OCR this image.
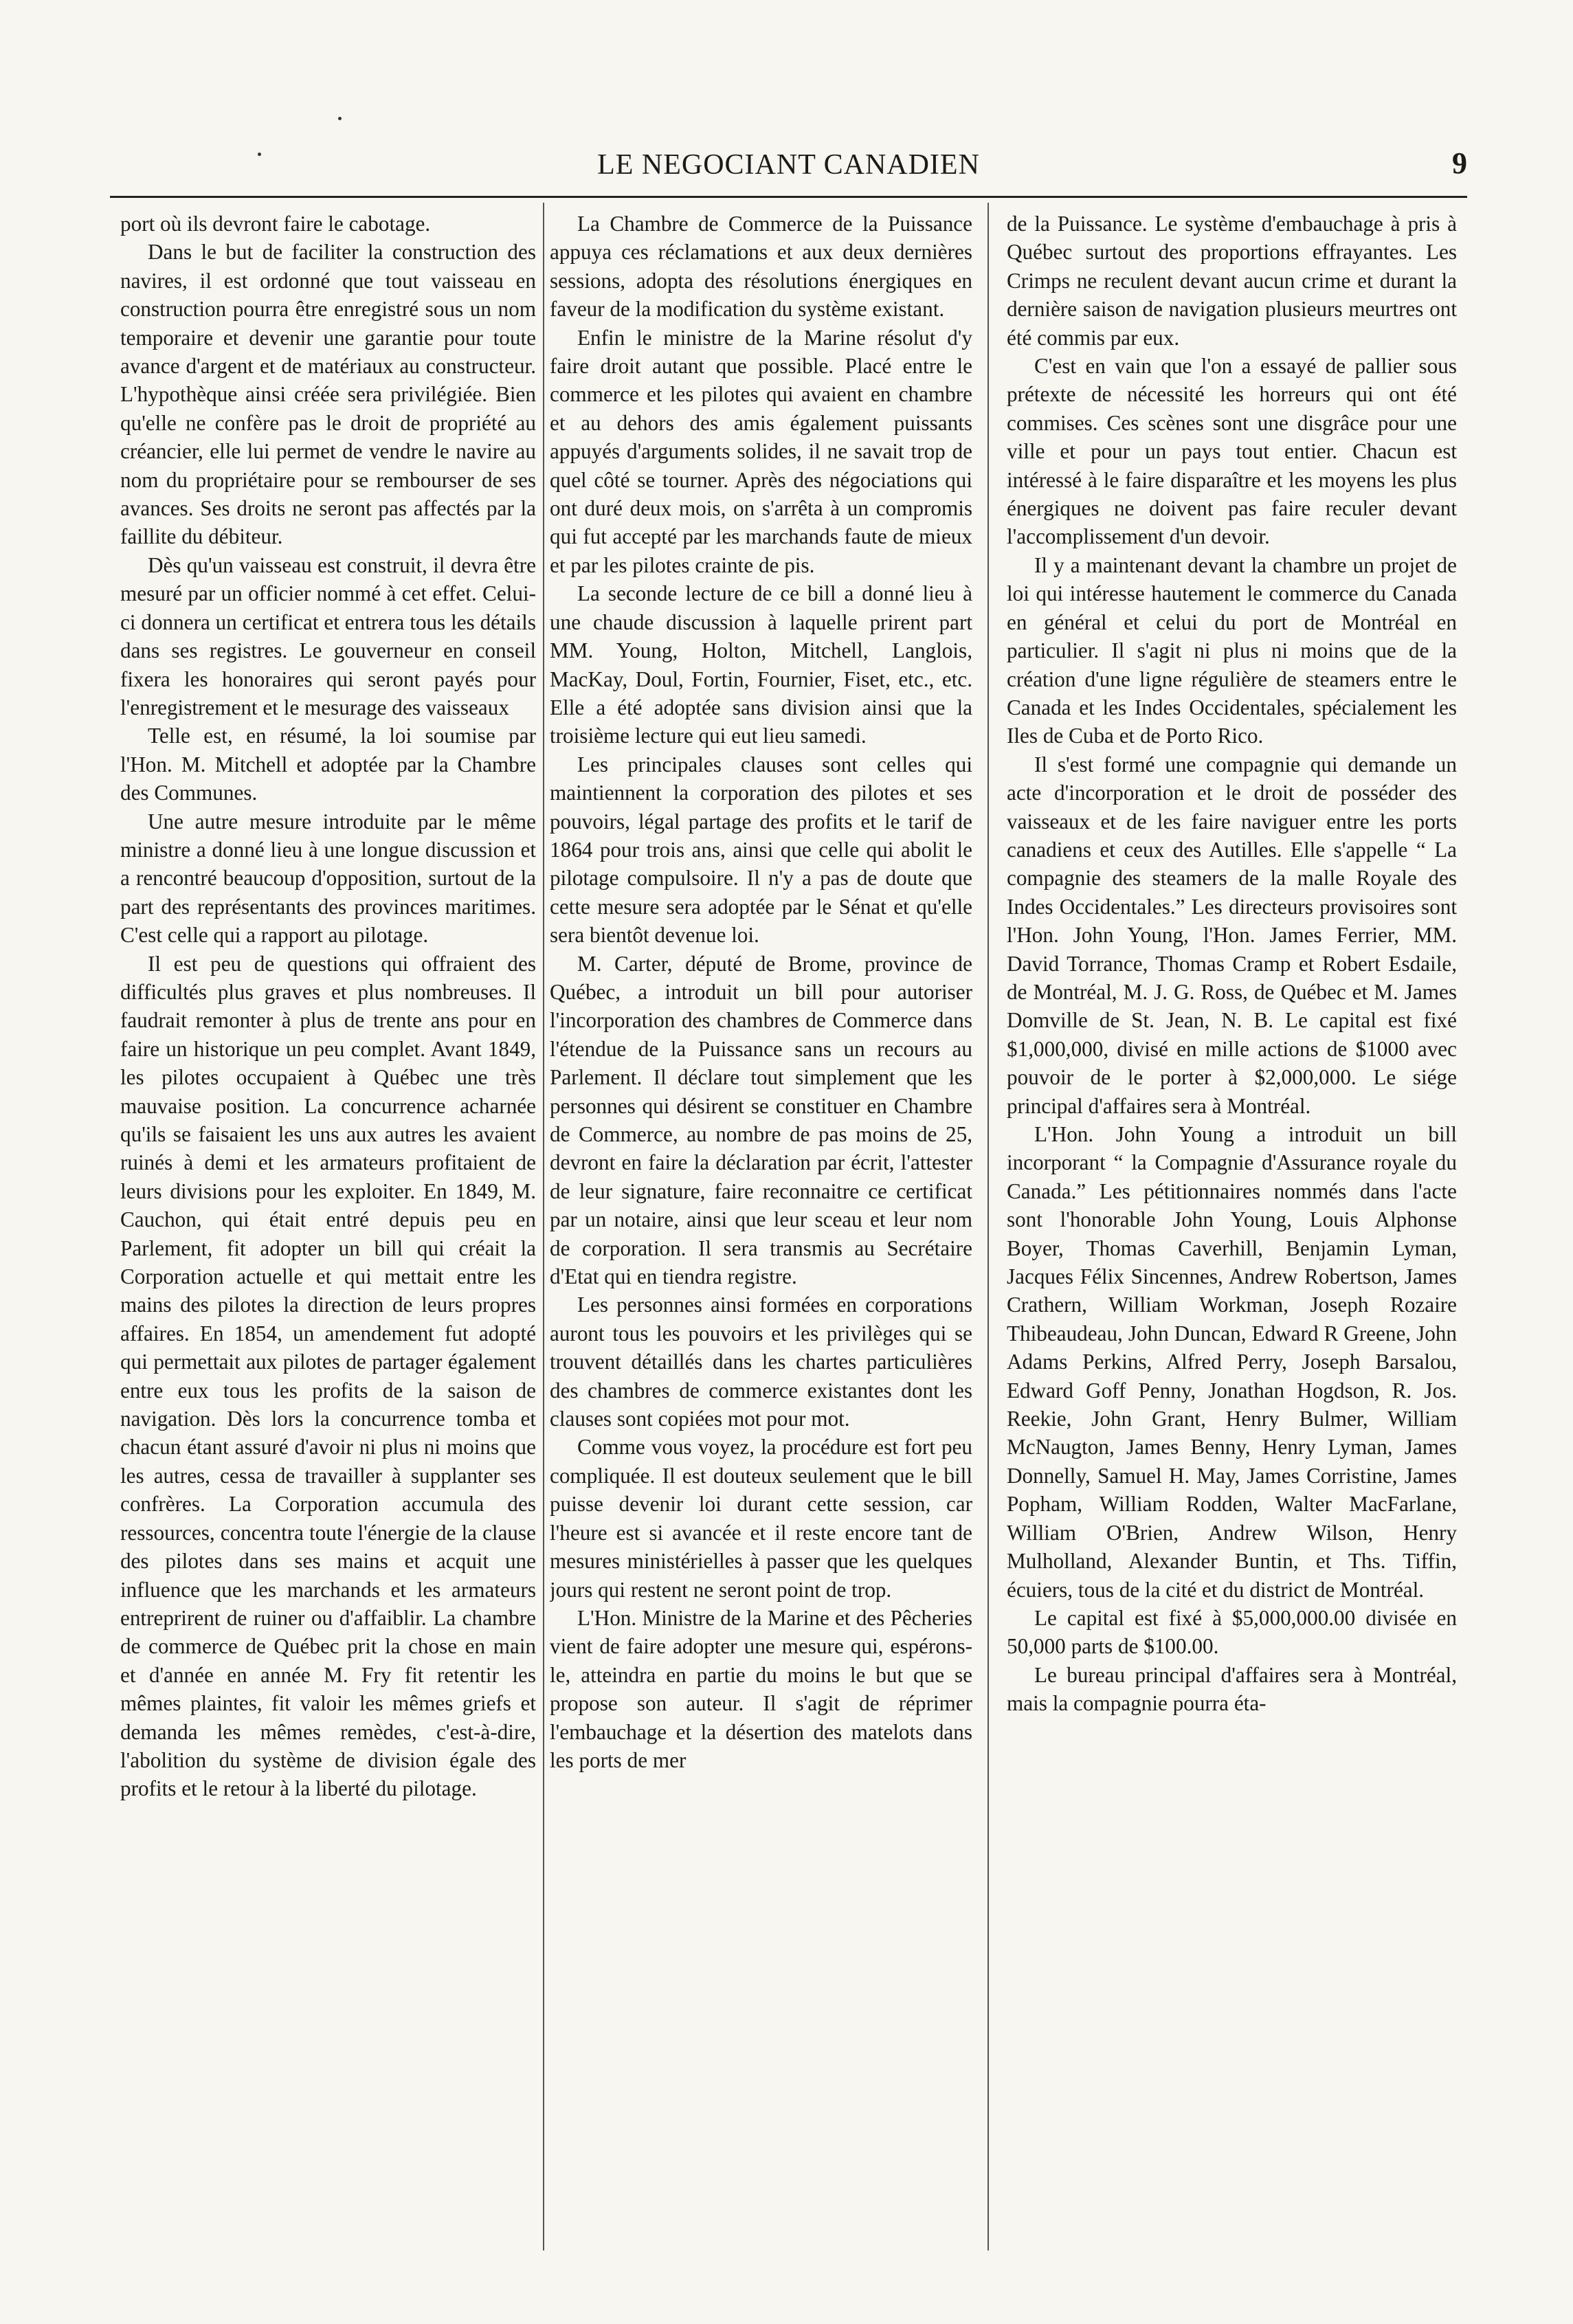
LE NEGOCIANT CANADIEN	9

port où ils devront faire le cabotage.

Dans le but de faciliter la construction des navires, il est ordonné que tout vaisseau en construction pourra être enregistré sous un nom temporaire et devenir une garantie pour toute avance d'argent et de matériaux au constructeur. L'hypothèque ainsi créée sera privilégiée. Bien qu'elle ne confère pas le droit de propriété au créancier, elle lui permet de vendre le navire au nom du propriétaire pour se rembourser de ses avances. Ses droits ne seront pas affectés par la faillite du débiteur.

Dès qu'un vaisseau est construit, il devra être mesuré par un officier nommé à cet effet. Celui-ci donnera un certificat et entrera tous les détails dans ses registres. Le gouverneur en conseil fixera les honoraires qui seront payés pour l'enregistrement et le mesurage des vaisseaux

Telle est, en résumé, la loi soumise par l'Hon. M. Mitchell et adoptée par la Chambre des Communes.

Une autre mesure introduite par le même ministre a donné lieu à une longue discussion et a rencontré beaucoup d'opposition, surtout de la part des représentants des provinces maritimes. C'est celle qui a rapport au pilotage.

Il est peu de questions qui offraient des difficultés plus graves et plus nombreuses. Il faudrait remonter à plus de trente ans pour en faire un historique un peu complet. Avant 1849, les pilotes occupaient à Québec une très mauvaise position. La concurrence acharnée qu'ils se faisaient les uns aux autres les avaient ruinés à demi et les armateurs profitaient de leurs divisions pour les exploiter. En 1849, M. Cauchon, qui était entré depuis peu en Parlement, fit adopter un bill qui créait la Corporation actuelle et qui mettait entre les mains des pilotes la direction de leurs propres affaires. En 1854, un amendement fut adopté qui permettait aux pilotes de partager également entre eux tous les profits de la saison de navigation. Dès lors la concurrence tomba et chacun étant assuré d'avoir ni plus ni moins que les autres, cessa de travailler à supplanter ses confrères. La Corporation accumula des ressources, concentra toute l'énergie de la clause des pilotes dans ses mains et acquit une influence que les marchands et les armateurs entreprirent de ruiner ou d'affaiblir. La chambre de commerce de Québec prit la chose en main et d'année en année M. Fry fit retentir les mêmes plaintes, fit valoir les mêmes griefs et demanda les mêmes remèdes, c'est-à-dire, l'abolition du système de division égale des profits et le retour à la liberté du pilotage.

La Chambre de Commerce de la Puissance appuya ces réclamations et aux deux dernières sessions, adopta des résolutions énergiques en faveur de la modification du système existant.

Enfin le ministre de la Marine résolut d'y faire droit autant que possible. Placé entre le commerce et les pilotes qui avaient en chambre et au dehors des amis également puissants appuyés d'arguments solides, il ne savait trop de quel côté se tourner. Après des négociations qui ont duré deux mois, on s'arrêta à un compromis qui fut accepté par les marchands faute de mieux et par les pilotes crainte de pis.

La seconde lecture de ce bill a donné lieu à une chaude discussion à laquelle prirent part MM. Young, Holton, Mitchell, Langlois, MacKay, Doul, Fortin, Fournier, Fiset, etc., etc. Elle a été adoptée sans division ainsi que la troisième lecture qui eut lieu samedi.

Les principales clauses sont celles qui maintiennent la corporation des pilotes et ses pouvoirs, légal partage des profits et le tarif de 1864 pour trois ans, ainsi que celle qui abolit le pilotage compulsoire. Il n'y a pas de doute que cette mesure sera adoptée par le Sénat et qu'elle sera bientôt devenue loi.

M. Carter, député de Brome, province de Québec, a introduit un bill pour autoriser l'incorporation des chambres de Commerce dans l'étendue de la Puissance sans un recours au Parlement. Il déclare tout simplement que les personnes qui désirent se constituer en Chambre de Commerce, au nombre de pas moins de 25, devront en faire la déclaration par écrit, l'attester de leur signature, faire reconnaitre ce certificat par un notaire, ainsi que leur sceau et leur nom de corporation. Il sera transmis au Secrétaire d'Etat qui en tiendra registre.

Les personnes ainsi formées en corporations auront tous les pouvoirs et les privilèges qui se trouvent détaillés dans les chartes particulières des chambres de commerce existantes dont les clauses sont copiées mot pour mot.

Comme vous voyez, la procédure est fort peu compliquée. Il est douteux seulement que le bill puisse devenir loi durant cette session, car l'heure est si avancée et il reste encore tant de mesures ministérielles à passer que les quelques jours qui restent ne seront point de trop.

L'Hon. Ministre de la Marine et des Pêcheries vient de faire adopter une mesure qui, espérons-le, atteindra en partie du moins le but que se propose son auteur. Il s'agit de réprimer l'embauchage et la désertion des matelots dans les ports de mer

de la Puissance. Le système d'embauchage à pris à Québec surtout des proportions effrayantes. Les Crimps ne reculent devant aucun crime et durant la dernière saison de navigation plusieurs meurtres ont été commis par eux.

C'est en vain que l'on a essayé de pallier sous prétexte de nécessité les horreurs qui ont été commises. Ces scènes sont une disgrâce pour une ville et pour un pays tout entier. Chacun est intéressé à le faire disparaître et les moyens les plus énergiques ne doivent pas faire reculer devant l'accomplissement d'un devoir.

Il y a maintenant devant la chambre un projet de loi qui intéresse hautement le commerce du Canada en général et celui du port de Montréal en particulier. Il s'agit ni plus ni moins que de la création d'une ligne régulière de steamers entre le Canada et les Indes Occidentales, spécialement les Iles de Cuba et de Porto Rico.

Il s'est formé une compagnie qui demande un acte d'incorporation et le droit de posséder des vaisseaux et de les faire naviguer entre les ports canadiens et ceux des Autilles. Elle s'appelle “ La compagnie des steamers de la malle Royale des Indes Occidentales.” Les directeurs provisoires sont l'Hon. John Young, l'Hon. James Ferrier, MM. David Torrance, Thomas Cramp et Robert Esdaile, de Montréal, M. J. G. Ross, de Québec et M. James Domville de St. Jean, N. B. Le capital est fixé $1,000,000, divisé en mille actions de $1000 avec pouvoir de le porter à $2,000,000. Le siége principal d'affaires sera à Montréal.

L'Hon. John Young a introduit un bill incorporant “ la Compagnie d'Assurance royale du Canada.” Les pétitionnaires nommés dans l'acte sont l'honorable John Young, Louis Alphonse Boyer, Thomas Caverhill, Benjamin Lyman, Jacques Félix Sincennes, Andrew Robertson, James Crathern, William Workman, Joseph Rozaire Thibeaudeau, John Duncan, Edward R Greene, John Adams Perkins, Alfred Perry, Joseph Barsalou, Edward Goff Penny, Jonathan Hogdson, R. Jos. Reekie, John Grant, Henry Bulmer, William McNaugton, James Benny, Henry Lyman, James Donnelly, Samuel H. May, James Corristine, James Popham, William Rodden, Walter MacFarlane, William O'Brien, Andrew Wilson, Henry Mulholland, Alexander Buntin, et Ths. Tiffin, écuiers, tous de la cité et du district de Montréal.

Le capital est fixé à $5,000,000.00 divisée en 50,000 parts de $100.00.

Le bureau principal d'affaires sera à Montréal, mais la compagnie pourra éta-
